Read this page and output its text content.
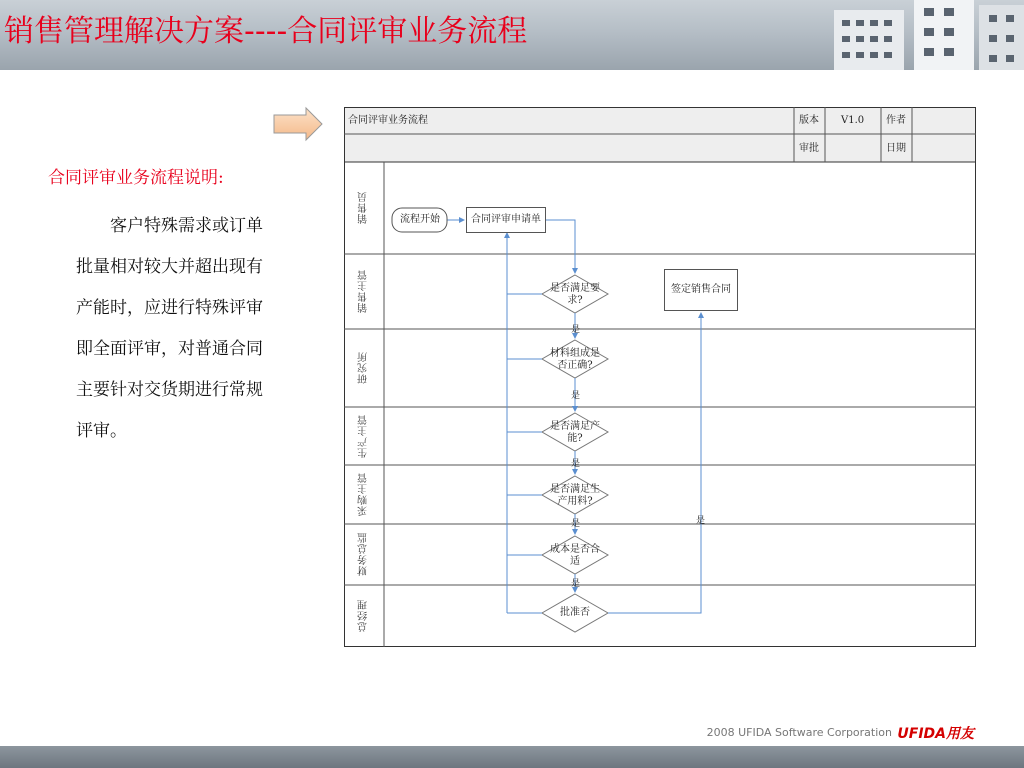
销售管理解决方案----合同评审业务流程
合同评审业务流程说明:
客户特殊需求或订单
批量相对较大并超出现有
产能时，应进行特殊评审
即全面评审，对普通合同
主要针对交货期进行常规
评审。
合同评审业务流程	版本 V1.0 作者
审批	日期
销售员
销售主管
研究所
生产主管
采购主管
财务总监
总经理
流程开始	合同评审申请单
签定销售合同
是否满足要求?
材料组成是否正确?
是否满足产能?
是否满足生产用料?
成本是否合适
批准否
是
是
是
是
是
是
2008 UFIDA Software Corporation UFIDA用友
